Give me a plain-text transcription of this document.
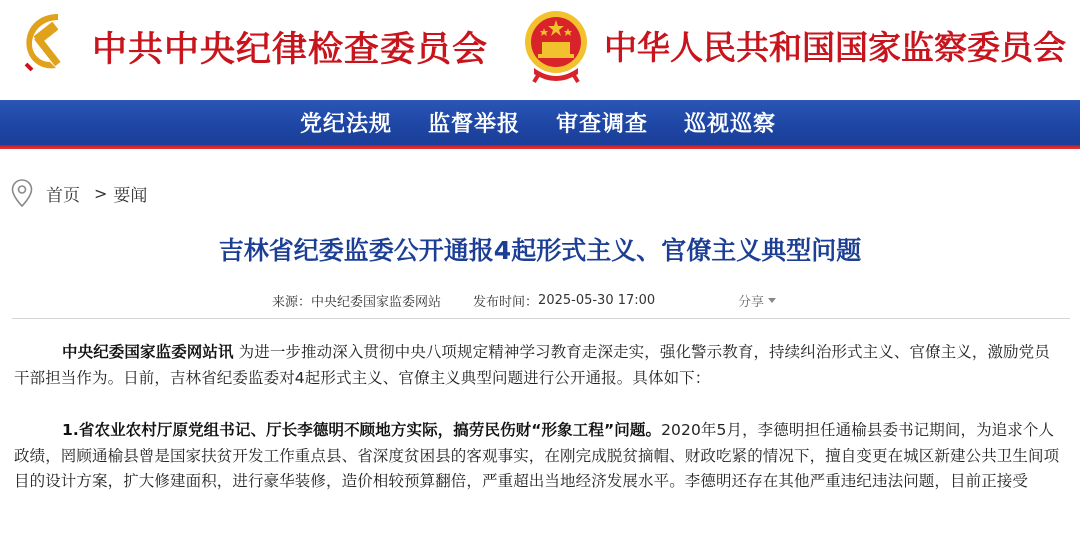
中共中央纪律检查委员会	中华人民共和国国家监察委员会
党纪法规 监督举报 审查调查 巡视巡察
首页 > 要闻
吉林省纪委监委公开通报4起形式主义、官僚主义典型问题
来源： 中央纪委国家监委网站 发布时间： 2025-05-30 17:00	分享

中央纪委国家监委网站讯 为进一步推动深入贯彻中央八项规定精神学习教育走深走实，强化警示教育，持续纠治形式主义、官僚主义，激励党员干部担当作为。日前，吉林省纪委监委对4起形式主义、官僚主义典型问题进行公开通报。具体如下：

1.省农业农村厅原党组书记、厅长李德明不顾地方实际，搞劳民伤财“形象工程”问题。2020年5月，李德明担任通榆县委书记期间，为追求个人政绩，罔顾通榆县曾是国家扶贫开发工作重点县、省深度贫困县的客观事实，在刚完成脱贫摘帽、财政吃紧的情况下，擅自变更在城区新建公共卫生间项目的设计方案，扩大修建面积，进行豪华装修，造价相较预算翻倍，严重超出当地经济发展水平。李德明还存在其他严重违纪违法问题，目前正接受
